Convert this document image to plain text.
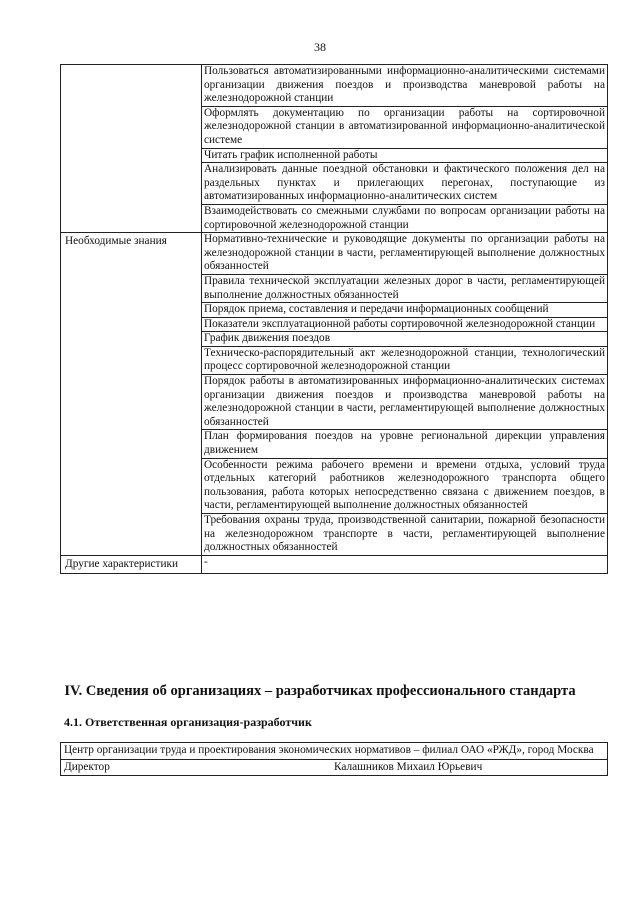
38
	Пользоваться автоматизированными информационно-аналитическими системами организации движения поездов и производства маневровой работы на железнодорожной станции
	Оформлять документацию по организации работы на сортировочной железнодорожной станции в автоматизированной информационно-аналитической системе
	Читать график исполненной работы
	Анализировать данные поездной обстановки и фактического положения дел на раздельных пунктах и прилегающих перегонах, поступающие из автоматизированных информационно-аналитических систем
	Взаимодействовать со смежными службами по вопросам организации работы на сортировочной железнодорожной станции
Необходимые знания	Нормативно-технические и руководящие документы по организации работы на железнодорожной станции в части, регламентирующей выполнение должностных обязанностей
	Правила технической эксплуатации железных дорог в части, регламентирующей выполнение должностных обязанностей
	Порядок приема, составления и передачи информационных сообщений
	Показатели эксплуатационной работы сортировочной железнодорожной станции
	График движения поездов
	Техническо-распорядительный акт железнодорожной станции, технологический процесс сортировочной железнодорожной станции
	Порядок работы в автоматизированных информационно-аналитических системах организации движения поездов и производства маневровой работы на железнодорожной станции в части, регламентирующей выполнение должностных обязанностей
	План формирования поездов на уровне региональной дирекции управления движением
	Особенности режима рабочего времени и времени отдыха, условий труда отдельных категорий работников железнодорожного транспорта общего пользования, работа которых непосредственно связана с движением поездов, в части, регламентирующей выполнение должностных обязанностей
	Требования охраны труда, производственной санитарии, пожарной безопасности на железнодорожном транспорте в части, регламентирующей выполнение должностных обязанностей
Другие характеристики	-
IV. Сведения об организациях – разработчиках профессионального стандарта
4.1. Ответственная организация-разработчик
Центр организации труда и проектирования экономических нормативов – филиал ОАО «РЖД», город Москва
Директор	Калашников Михаил Юрьевич
